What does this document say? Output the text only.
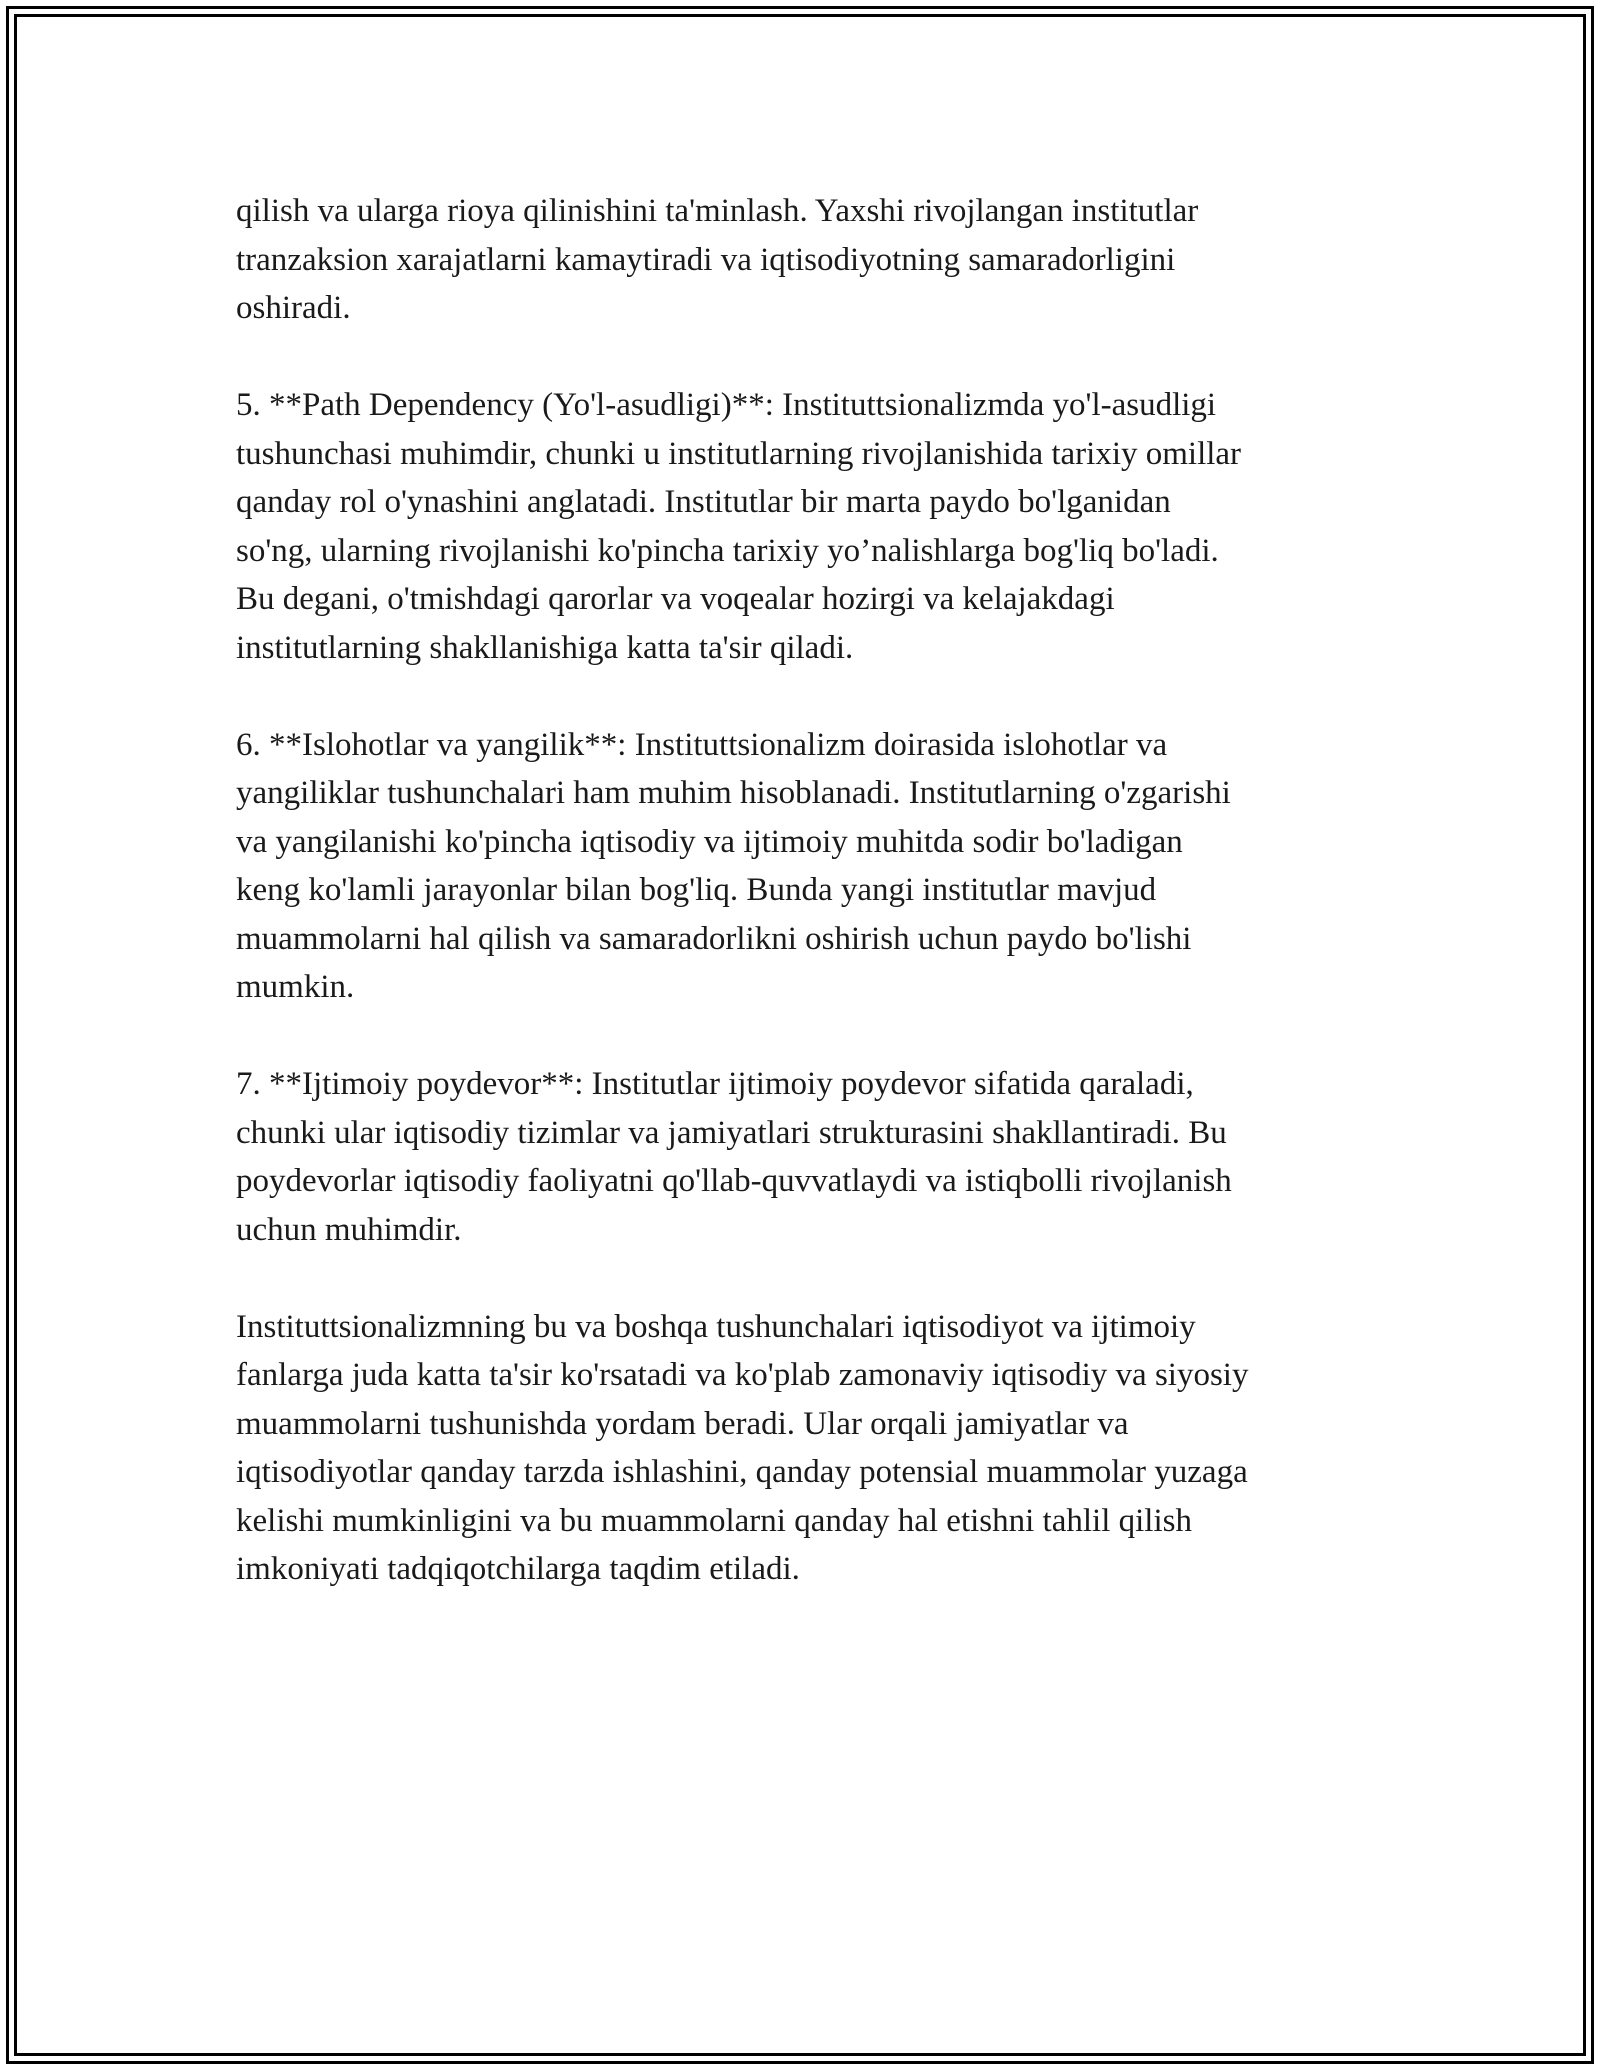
qilish va ularga rioya qilinishini ta'minlash. Yaxshi rivojlangan institutlar
tranzaksion xarajatlarni kamaytiradi va iqtisodiyotning samaradorligini
oshiradi.

5. **Path Dependency (Yo'l-asudligi)**: Instituttsionalizmda yo'l-asudligi
tushunchasi muhimdir, chunki u institutlarning rivojlanishida tarixiy omillar
qanday rol o'ynashini anglatadi. Institutlar bir marta paydo bo'lganidan
so'ng, ularning rivojlanishi ko'pincha tarixiy yo’nalishlarga bog'liq bo'ladi.
Bu degani, o'tmishdagi qarorlar va voqealar hozirgi va kelajakdagi
institutlarning shakllanishiga katta ta'sir qiladi.

6. **Islohotlar va yangilik**: Instituttsionalizm doirasida islohotlar va
yangiliklar tushunchalari ham muhim hisoblanadi. Institutlarning o'zgarishi
va yangilanishi ko'pincha iqtisodiy va ijtimoiy muhitda sodir bo'ladigan
keng ko'lamli jarayonlar bilan bog'liq. Bunda yangi institutlar mavjud
muammolarni hal qilish va samaradorlikni oshirish uchun paydo bo'lishi
mumkin.

7. **Ijtimoiy poydevor**: Institutlar ijtimoiy poydevor sifatida qaraladi,
chunki ular iqtisodiy tizimlar va jamiyatlari strukturasini shakllantiradi. Bu
poydevorlar iqtisodiy faoliyatni qo'llab-quvvatlaydi va istiqbolli rivojlanish
uchun muhimdir.

Instituttsionalizmning bu va boshqa tushunchalari iqtisodiyot va ijtimoiy
fanlarga juda katta ta'sir ko'rsatadi va ko'plab zamonaviy iqtisodiy va siyosiy
muammolarni tushunishda yordam beradi. Ular orqali jamiyatlar va
iqtisodiyotlar qanday tarzda ishlashini, qanday potensial muammolar yuzaga
kelishi mumkinligini va bu muammolarni qanday hal etishni tahlil qilish
imkoniyati tadqiqotchilarga taqdim etiladi.
